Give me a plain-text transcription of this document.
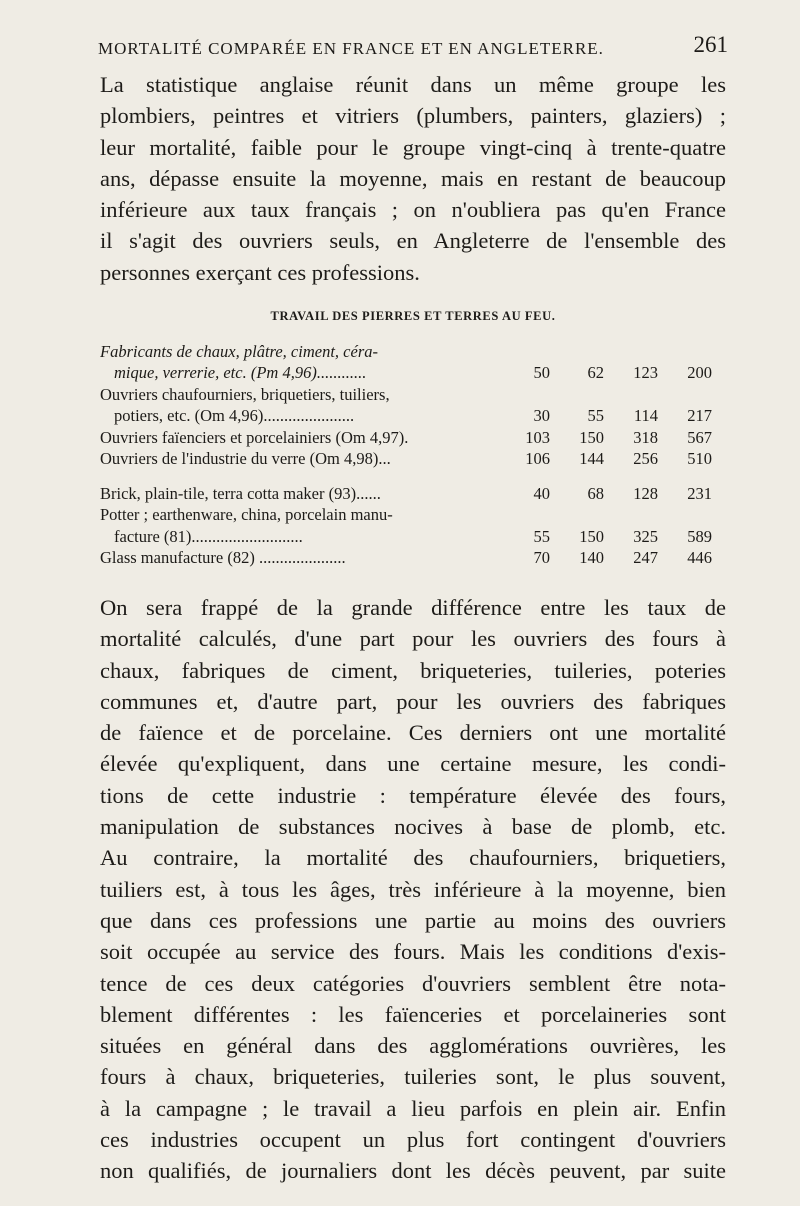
MORTALITÉ COMPARÉE EN FRANCE ET EN ANGLETERRE.	261
La statistique anglaise réunit dans un même groupe les
plombiers, peintres et vitriers (plumbers, painters, glaziers) ;
leur mortalité, faible pour le groupe vingt-cinq à trente-quatre
ans, dépasse ensuite la moyenne, mais en restant de beaucoup
inférieure aux taux français ; on n'oubliera pas qu'en France
il s'agit des ouvriers seuls, en Angleterre de l'ensemble des
personnes exerçant ces professions.
TRAVAIL DES PIERRES ET TERRES AU FEU.
Fabricants de chaux, plâtre, ciment, céra-				
mique, verrerie, etc. (Pm 4,96)............	50	62	123	200
Ouvriers chaufourniers, briquetiers, tuiliers,				
potiers, etc. (Om 4,96)......................	30	55	114	217
Ouvriers faïenciers et porcelainiers (Om 4,97).	103	150	318	567
Ouvriers de l'industrie du verre (Om 4,98)...	106	144	256	510

Brick, plain-tile, terra cotta maker (93)......	40	68	128	231
Potter ; earthenware, china, porcelain manu-				
facture (81)...........................	55	150	325	589
Glass manufacture (82) .....................	70	140	247	446
On sera frappé de la grande différence entre les taux de
mortalité calculés, d'une part pour les ouvriers des fours à
chaux, fabriques de ciment, briqueteries, tuileries, poteries
communes et, d'autre part, pour les ouvriers des fabriques
de faïence et de porcelaine. Ces derniers ont une mortalité
élevée qu'expliquent, dans une certaine mesure, les condi-
tions de cette industrie : température élevée des fours,
manipulation de substances nocives à base de plomb, etc.
Au contraire, la mortalité des chaufourniers, briquetiers,
tuiliers est, à tous les âges, très inférieure à la moyenne, bien
que dans ces professions une partie au moins des ouvriers
soit occupée au service des fours. Mais les conditions d'exis-
tence de ces deux catégories d'ouvriers semblent être nota-
blement différentes : les faïenceries et porcelaineries sont
situées en général dans des agglomérations ouvrières, les
fours à chaux, briqueteries, tuileries sont, le plus souvent,
à la campagne ; le travail a lieu parfois en plein air. Enfin
ces industries occupent un plus fort contingent d'ouvriers
non qualifiés, de journaliers dont les décès peuvent, par suite
